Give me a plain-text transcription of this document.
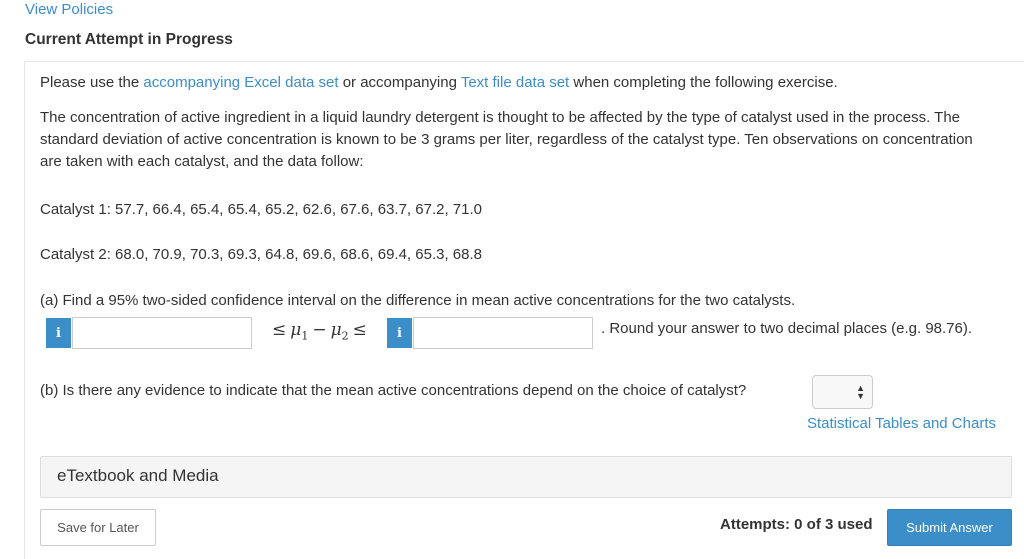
View Policies
Current Attempt in Progress

Please use the accompanying Excel data set or accompanying Text file data set when completing the following exercise.

The concentration of active ingredient in a liquid laundry detergent is thought to be affected by the type of catalyst used in the process. The standard deviation of active concentration is known to be 3 grams per liter, regardless of the catalyst type. Ten observations on concentration are taken with each catalyst, and the data follow:

Catalyst 1: 57.7, 66.4, 65.4, 65.4, 65.2, 62.6, 67.6, 63.7, 67.2, 71.0

Catalyst 2: 68.0, 70.9, 70.3, 69.3, 64.8, 69.6, 68.6, 69.4, 65.3, 68.8

(a) Find a 95% two-sided confidence interval on the difference in mean active concentrations for the two catalysts.

i	≤ $\mu_1 - \mu_2$ ≤	i	. Round your answer to two decimal places (e.g. 98.76).

(b) Is there any evidence to indicate that the mean active concentrations depend on the choice of catalyst?	▲
▼
Statistical Tables and Charts
eTextbook and Media
Save for Later	Attempts: 0 of 3 used	Submit Answer
